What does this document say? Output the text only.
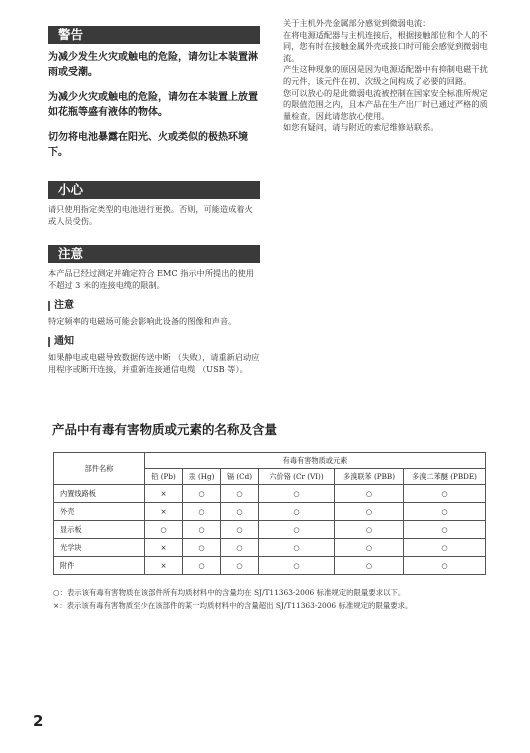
警告

为减少发生火灾或触电的危险，请勿让本装置淋雨或受潮。

为减少火灾或触电的危险，请勿在本装置上放置如花瓶等盛有液体的物体。

切勿将电池暴露在阳光、火或类似的极热环境下。

小心

请只使用指定类型的电池进行更换。否则，可能造成着火或人员受伤。

注意

本产品已经过测定并确定符合 EMC 指示中所提出的使用不超过 3 米的连接电缆的限制。

注意

特定频率的电磁场可能会影响此设备的图像和声音。

通知

如果静电或电磁导致数据传送中断 （失败），请重新启动应用程序或断开连接，并重新连接通信电缆 （USB 等）。

关于主机外壳金属部分感觉到微弱电流：

在将电源适配器与主机连接后，根据接触部位和个人的不同，您有时在接触金属外壳或接口时可能会感觉到微弱电流。

产生这种现象的原因是因为电源适配器中有抑制电磁干扰的元件，该元件在初、次级之间构成了必要的回路。

您可以放心的是此微弱电流被控制在国家安全标准所规定的限值范围之内，且本产品在生产出厂时已通过严格的质量检查，因此请您放心使用。

如您有疑问，请与附近的索尼维修站联系。

产品中有毒有害物质或元素的名称及含量
部件名称	有毒有害物质或元素					
	铅 (Pb)	汞 (Hg)	镉 (Cd)	六价铬 (Cr (VI))	多溴联苯 (PBB)	多溴二苯醚 (PBDE)
内置线路板	×	○	○	○	○	○
外壳	×	○	○	○	○	○
显示板	○	○	○	○	○	○
光学块	×	○	○	○	○	○
附件	×	○	○	○	○	○
○：表示该有毒有害物质在该部件所有均质材料中的含量均在 SJ/T11363-2006 标准规定的限量要求以下。
×：表示该有毒有害物质至少在该部件的某一均质材料中的含量超出 SJ/T11363-2006 标准规定的限量要求。
2
